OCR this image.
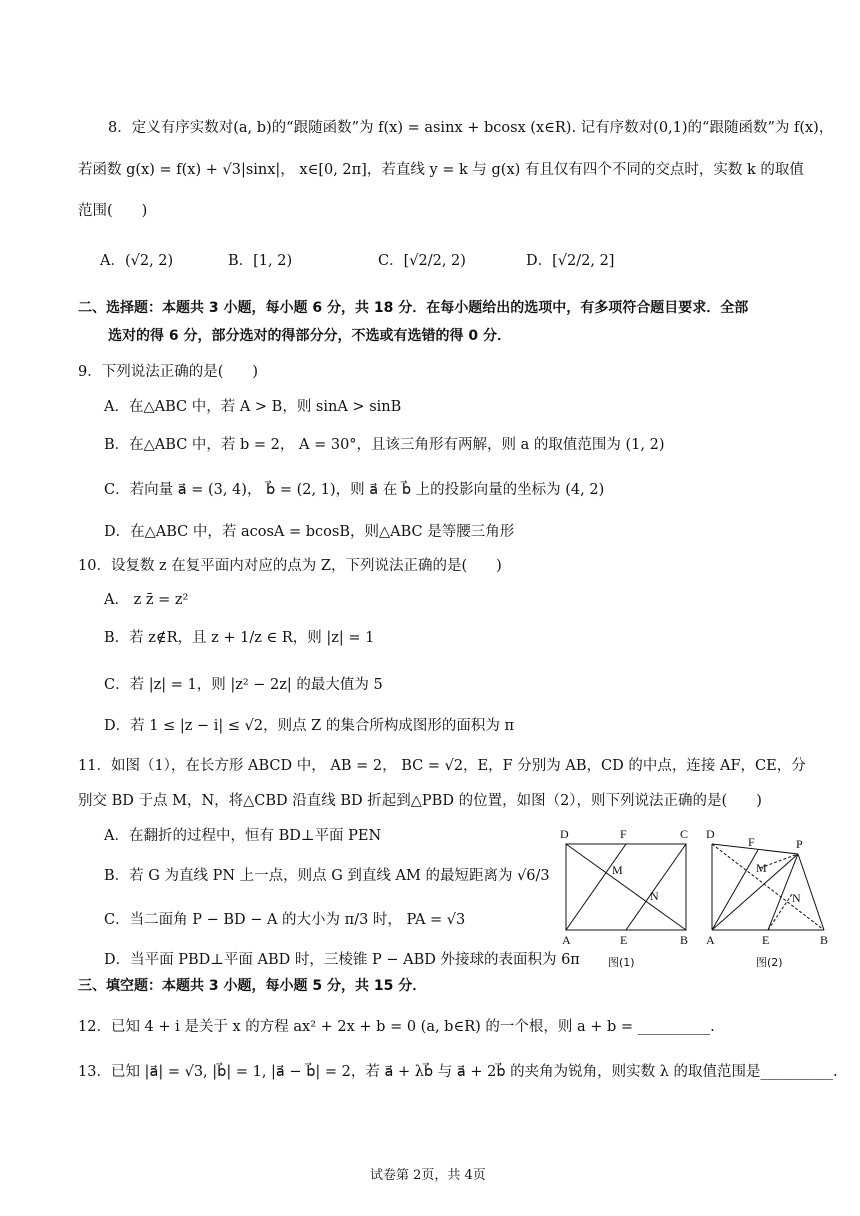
8．定义有序实数对(a, b)的“跟随函数”为 f(x) = asinx + bcosx (x∈R). 记有序数对(0,1)的“跟随函数”为 f(x)，
若函数 g(x) = f(x) + √3|sinx|， x∈[0, 2π]，若直线 y = k 与 g(x) 有且仅有四个不同的交点时，实数 k 的取值
范围(　　)
A．(√2, 2)	B．[1, 2)	C．[√2/2, 2)	D．[√2/2, 2]
二、选择题：本题共 3 小题，每小题 6 分，共 18 分．在每小题给出的选项中，有多项符合题目要求．全部
选对的得 6 分，部分选对的得部分分，不选或有选错的得 0 分．
9．下列说法正确的是(　　)
A．在△ABC 中，若 A > B，则 sinA > sinB
B．在△ABC 中，若 b = 2， A = 30°，且该三角形有两解，则 a 的取值范围为 (1, 2)
C．若向量 a⃗ = (3, 4)， b⃗ = (2, 1)，则 a⃗ 在 b⃗ 上的投影向量的坐标为 (4, 2)
D．在△ABC 中，若 acosA = bcosB，则△ABC 是等腰三角形
10．设复数 z 在复平面内对应的点为 Z，下列说法正确的是(　　)
A． z z̄ = z²
B．若 z∉R，且 z + 1/z ∈ R，则 |z| = 1
C．若 |z| = 1，则 |z² − 2z| 的最大值为 5
D．若 1 ≤ |z − i| ≤ √2，则点 Z 的集合所构成图形的面积为 π
11．如图（1），在长方形 ABCD 中， AB = 2， BC = √2，E，F 分别为 AB，CD 的中点，连接 AF，CE，分
别交 BD 于点 M，N，将△CBD 沿直线 BD 折起到△PBD 的位置，如图（2），则下列说法正确的是(　　)
A．在翻折的过程中，恒有 BD⊥平面 PEN
B．若 G 为直线 PN 上一点，则点 G 到直线 AM 的最短距离为 √6/3
C．当二面角 P − BD − A 的大小为 π/3 时， PA = √3
D．当平面 PBD⊥平面 ABD 时，三棱锥 P − ABD 外接球的表面积为 6π
D	F	C
M
N
A	E	B
图(1)
D
F	P
M
N
A	E	B
图(2)
三、填空题：本题共 3 小题，每小题 5 分，共 15 分．
12．已知 4 + i 是关于 x 的方程 ax² + 2x + b = 0 (a, b∈R) 的一个根，则 a + b = __________.
13．已知 |a⃗| = √3, |b⃗| = 1, |a⃗ − b⃗| = 2，若 a⃗ + λb⃗ 与 a⃗ + 2b⃗ 的夹角为锐角，则实数 λ 的取值范围是__________.
试卷第 2页，共 4页
